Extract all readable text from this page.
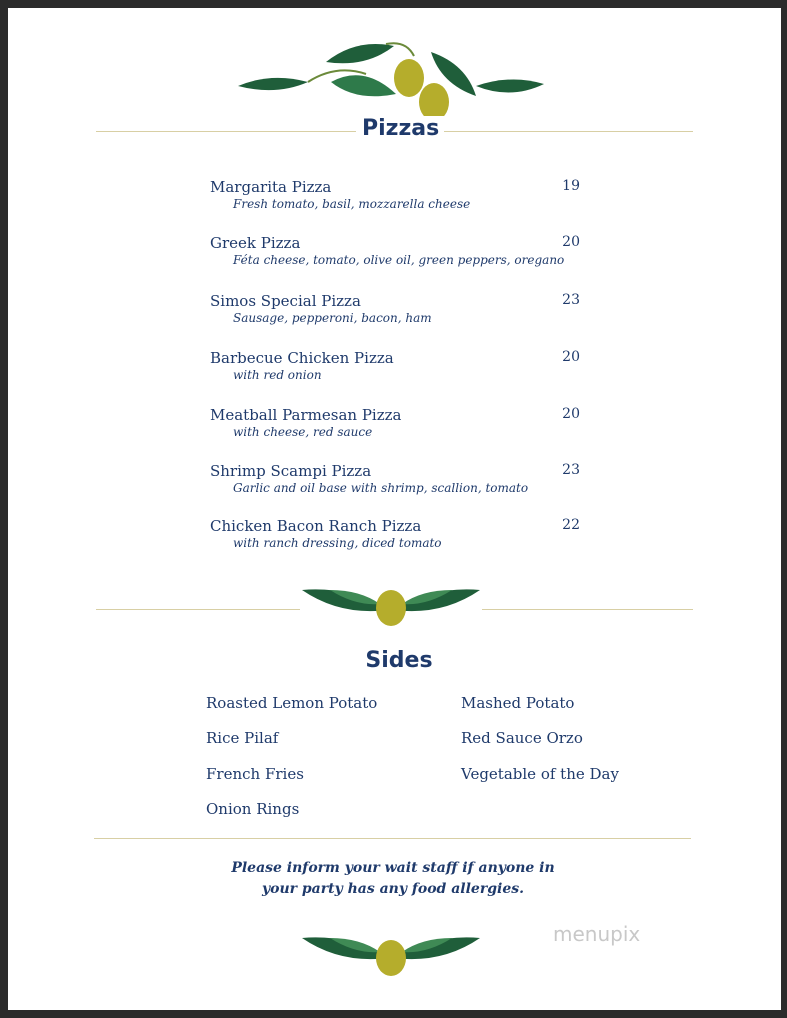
Pizzas
Margarita Pizza
Fresh tomato, basil, mozzarella cheese
19
Greek Pizza
Féta cheese, tomato, olive oil, green peppers, oregano
20
Simos Special Pizza
Sausage, pepperoni, bacon, ham
23
Barbecue Chicken Pizza
with red onion
20
Meatball Parmesan Pizza
with cheese, red sauce
20
Shrimp Scampi Pizza
Garlic and oil base with shrimp, scallion, tomato
23
Chicken Bacon Ranch Pizza
with ranch dressing, diced tomato
22
Sides
Roasted Lemon Potato
Rice Pilaf
French Fries
Onion Rings
Mashed Potato
Red Sauce Orzo
Vegetable of the Day
Please inform your wait staff if anyone in
your party has any food allergies.
menupix
